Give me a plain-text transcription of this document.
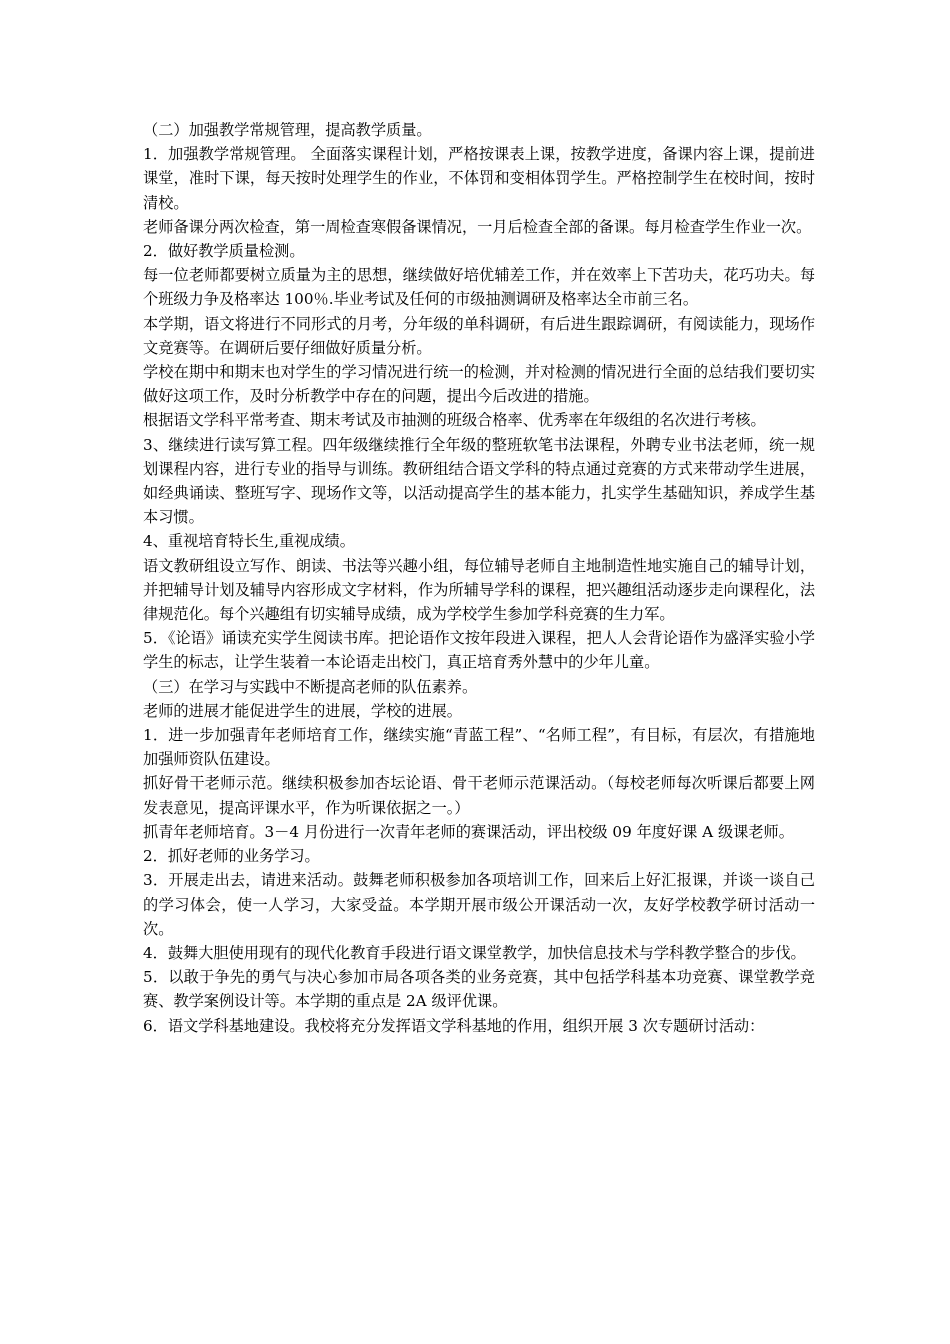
（二）加强教学常规管理，提高教学质量。

1．加强教学常规管理。 全面落实课程计划，严格按课表上课，按教学进度，备课内容上课，提前进课堂，准时下课，每天按时处理学生的作业，不体罚和变相体罚学生。严格控制学生在校时间，按时清校。

老师备课分两次检查，第一周检查寒假备课情况，一月后检查全部的备课。每月检查学生作业一次。

2．做好教学质量检测。

每一位老师都要树立质量为主的思想，继续做好培优辅差工作，并在效率上下苦功夫，花巧功夫。每个班级力争及格率达 100％.毕业考试及任何的市级抽测调研及格率达全市前三名。

本学期，语文将进行不同形式的月考，分年级的单科调研，有后进生跟踪调研，有阅读能力，现场作文竞赛等。在调研后要仔细做好质量分析。

学校在期中和期末也对学生的学习情况进行统一的检测，并对检测的情况进行全面的总结我们要切实做好这项工作，及时分析教学中存在的问题，提出今后改进的措施。

根据语文学科平常考查、期末考试及市抽测的班级合格率、优秀率在年级组的名次进行考核。

3、继续进行读写算工程。四年级继续推行全年级的整班软笔书法课程，外聘专业书法老师，统一规划课程内容，进行专业的指导与训练。教研组结合语文学科的特点通过竞赛的方式来带动学生进展，如经典诵读、整班写字、现场作文等，以活动提高学生的基本能力，扎实学生基础知识，养成学生基本习惯。

4、重视培育特长生,重视成绩。

语文教研组设立写作、朗读、书法等兴趣小组，每位辅导老师自主地制造性地实施自己的辅导计划，并把辅导计划及辅导内容形成文字材料，作为所辅导学科的课程，把兴趣组活动逐步走向课程化，法律规范化。每个兴趣组有切实辅导成绩，成为学校学生参加学科竞赛的生力军。

5．《论语》诵读充实学生阅读书库。把论语作文按年段进入课程，把人人会背论语作为盛泽实验小学学生的标志，让学生装着一本论语走出校门，真正培育秀外慧中的少年儿童。

（三）在学习与实践中不断提高老师的队伍素养。

老师的进展才能促进学生的进展，学校的进展。

1．进一步加强青年老师培育工作，继续实施“青蓝工程”、“名师工程”，有目标，有层次，有措施地加强师资队伍建设。

抓好骨干老师示范。继续积极参加杏坛论语、骨干老师示范课活动。（每校老师每次听课后都要上网发表意见，提高评课水平，作为听课依据之一。）

抓青年老师培育。3－4 月份进行一次青年老师的赛课活动，评出校级 09 年度好课 A 级课老师。

2．抓好老师的业务学习。

3．开展走出去，请进来活动。鼓舞老师积极参加各项培训工作，回来后上好汇报课，并谈一谈自己的学习体会，使一人学习，大家受益。本学期开展市级公开课活动一次，友好学校教学研讨活动一次。

4．鼓舞大胆使用现有的现代化教育手段进行语文课堂教学，加快信息技术与学科教学整合的步伐。

5．以敢于争先的勇气与决心参加市局各项各类的业务竞赛，其中包括学科基本功竞赛、课堂教学竞赛、教学案例设计等。本学期的重点是 2A 级评优课。

6．语文学科基地建设。我校将充分发挥语文学科基地的作用，组织开展 3 次专题研讨活动：
